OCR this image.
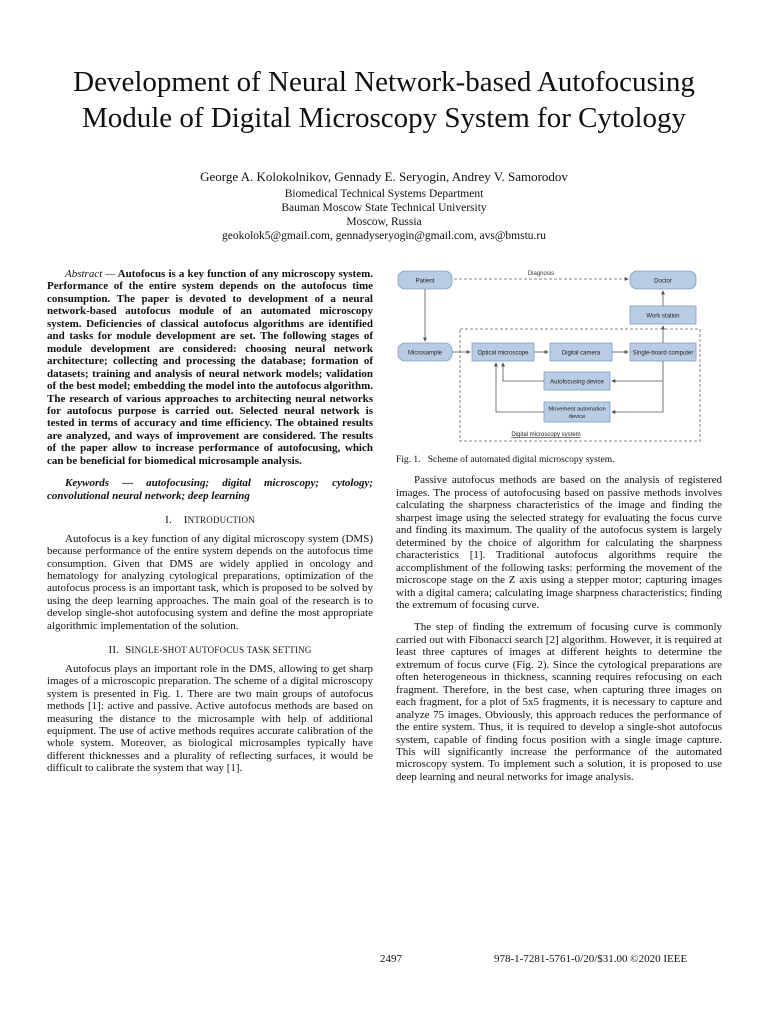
Development of Neural Network-based Autofocusing Module of Digital Microscopy System for Cytology
George A. Kolokolnikov, Gennady E. Seryogin, Andrey V. Samorodov
Biomedical Technical Systems Department
Bauman Moscow State Technical University
Moscow, Russia
geokolok5@gmail.com, gennadyseryogin@gmail.com, avs@bmstu.ru

Abstract — Autofocus is a key function of any microscopy system. Performance of the entire system depends on the autofocus time consumption. The paper is devoted to development of a neural network-based autofocus module of an automated microscopy system. Deficiencies of classical autofocus algorithms are identified and tasks for module development are set. The following stages of module development are considered: choosing neural network architecture; collecting and processing the database; formation of datasets; training and analysis of neural network models; validation of the best model; embedding the model into the autofocus algorithm. The research of various approaches to architecting neural networks for autofocus purpose is carried out. Selected neural network is tested in terms of accuracy and time efficiency. The obtained results are analyzed, and ways of improvement are considered. The results of the paper allow to increase performance of autofocusing, which can be beneficial for biomedical microsample analysis.

Keywords — autofocusing; digital microscopy; cytology; convolutional neural network; deep learning

I. INTRODUCTION

Autofocus is a key function of any digital microscopy system (DMS) because performance of the entire system depends on the autofocus time consumption. Given that DMS are widely applied in oncology and hematology for analyzing cytological preparations, optimization of the autofocus process is an important task, which is proposed to be solved by using the deep learning approaches. The main goal of the research is to develop single-shot autofocusing system and define the most appropriate algorithmic implementation of the solution.

II. SINGLE-SHOT AUTOFOCUS TASK SETTING

Autofocus plays an important role in the DMS, allowing to get sharp images of a microscopic preparation. The scheme of a digital microscopy system is presented in Fig. 1. There are two main groups of autofocus methods [1]: active and passive. Active autofocus methods are based on measuring the distance to the microsample with help of additional equipment. The use of active methods requires accurate calibration of the whole system. Moreover, as biological microsamples typically have different thicknesses and a plurality of reflecting surfaces, it would be difficult to calibrate the system that way [1].

Diagnosis
Patient	Doctor
Work station
Digital microscopy system
Microsample	Optical microscope	Digital camera	Single-board computer
Autofocusing device
Movement automation
device

Fig. 1. Scheme of automated digital microscopy system.

Passive autofocus methods are based on the analysis of registered images. The process of autofocusing based on passive methods involves calculating the sharpness characteristics of the image and finding the sharpest image using the selected strategy for evaluating the focus curve and finding its maximum. The quality of the autofocus system is largely determined by the choice of algorithm for calculating the sharpness characteristics [1]. Traditional autofocus algorithms require the accomplishment of the following tasks: performing the movement of the microscope stage on the Z axis using a stepper motor; capturing images with a digital camera; calculating image sharpness characteristics; finding the extremum of focusing curve.

The step of finding the extremum of focusing curve is commonly carried out with Fibonacci search [2] algorithm. However, it is required at least three captures of images at different heights to determine the extremum of focus curve (Fig. 2). Since the cytological preparations are often heterogeneous in thickness, scanning requires refocusing on each fragment. Therefore, in the best case, when capturing three images on each fragment, for a plot of 5x5 fragments, it is necessary to capture and analyze 75 images. Obviously, this approach reduces the performance of the entire system. Thus, it is required to develop a single-shot autofocus system, capable of finding focus position with a single image capture. This will significantly increase the performance of the automated microscopy system. To implement such a solution, it is proposed to use deep learning and neural networks for image analysis.

2497	978-1-7281-5761-0/20/$31.00 ©2020 IEEE
